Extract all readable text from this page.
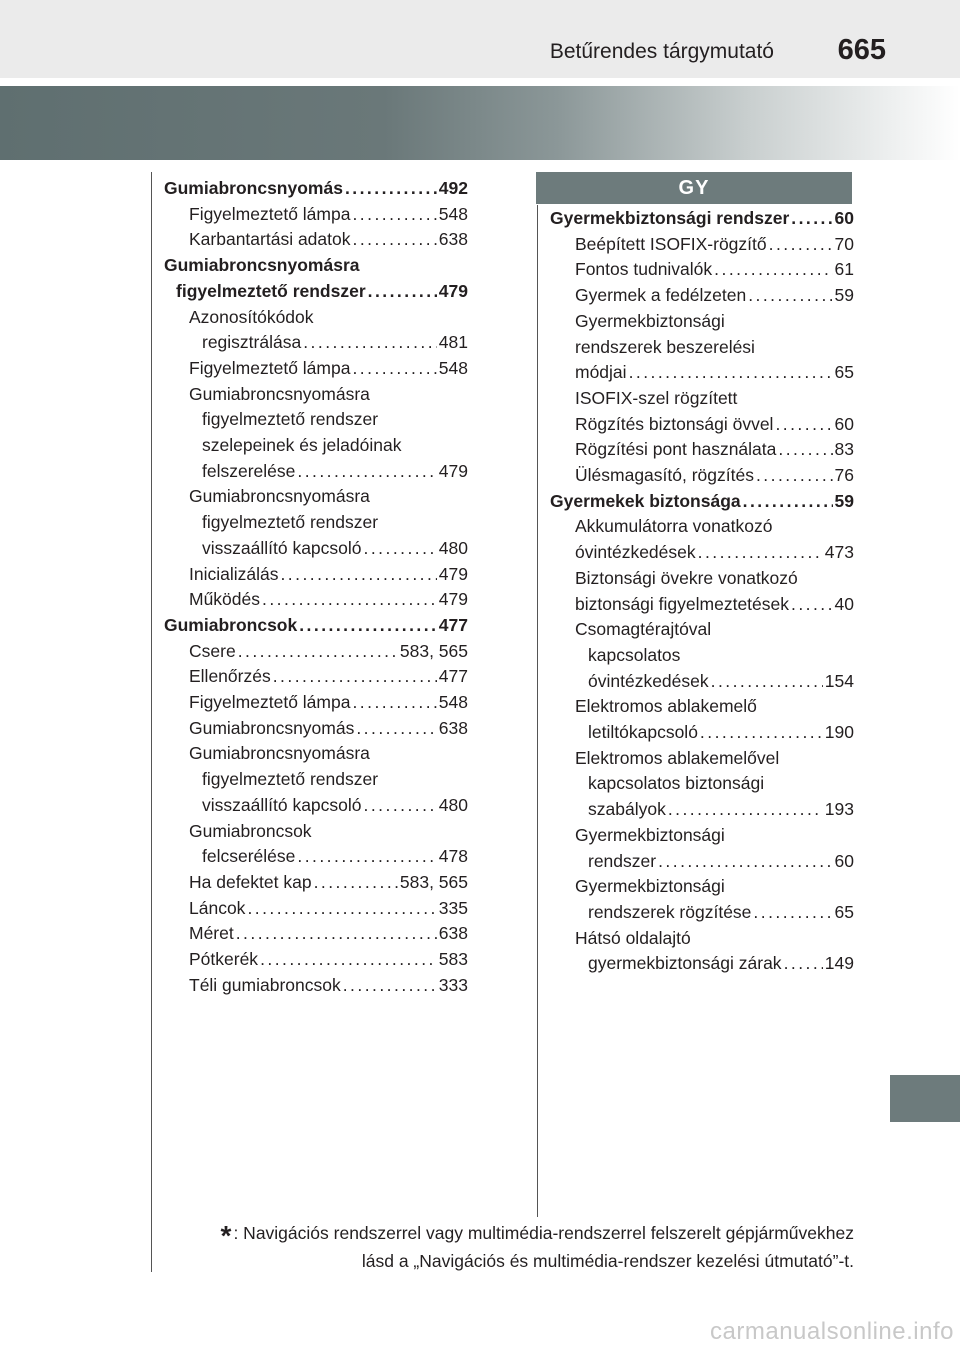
Betűrendes tárgymutató 665
GY
Gumiabroncsnyomás . . .	492
Figyelmeztető lámpa . . .	548
Karbantartási adatok . . .	638
Gumiabroncsnyomásra
figyelmeztető rendszer . . .	479
Azonosítókódok
regisztrálása . . .	481
Figyelmeztető lámpa . . .	548
Gumiabroncsnyomásra
figyelmeztető rendszer
szelepeinek és jeladóinak
felszerelése . . .	479
Gumiabroncsnyomásra
figyelmeztető rendszer
visszaállító kapcsoló . . .	480
Inicializálás . . .	479
Működés . . .	479
Gumiabroncsok . . .	477
Csere . . .	583, 565
Ellenőrzés . . .	477
Figyelmeztető lámpa . . .	548
Gumiabroncsnyomás . . .	638
Gumiabroncsnyomásra
figyelmeztető rendszer
visszaállító kapcsoló . . .	480
Gumiabroncsok
felcserélése . . .	478
Ha defektet kap . . .	583, 565
Láncok . . .	335
Méret . . .	638
Pótkerék . . .	583
Téli gumiabroncsok . . .	333
Gyermekbiztonsági rendszer . . .	60
Beépített ISOFIX-rögzítő . . .	70
Fontos tudnivalók . . .	61
Gyermek a fedélzeten . . .	59
Gyermekbiztonsági
rendszerek beszerelési
módjai . . .	65
ISOFIX-szel rögzített
Rögzítés biztonsági övvel . . .	60
Rögzítési pont használata . . .	83
Ülésmagasító, rögzítés . . .	76
Gyermekek biztonsága . . .	59
Akkumulátorra vonatkozó
óvintézkedések . . .	473
Biztonsági övekre vonatkozó
biztonsági figyelmeztetések . . .	40
Csomagtérajtóval
kapcsolatos
óvintézkedések . . .	154
Elektromos ablakemelő
letiltókapcsoló . . .	190
Elektromos ablakemelővel
kapcsolatos biztonsági
szabályok . . .	193
Gyermekbiztonsági
rendszer . . .	60
Gyermekbiztonsági
rendszerek rögzítése . . .	65
Hátsó oldalajtó
gyermekbiztonsági zárak . . . 149
* : Navigációs rendszerrel vagy multimédia-rendszerrel felszerelt gépjárművekhez
lásd a „Navigációs és multimédia-rendszer kezelési útmutató”-t.
carmanualsonline.info
